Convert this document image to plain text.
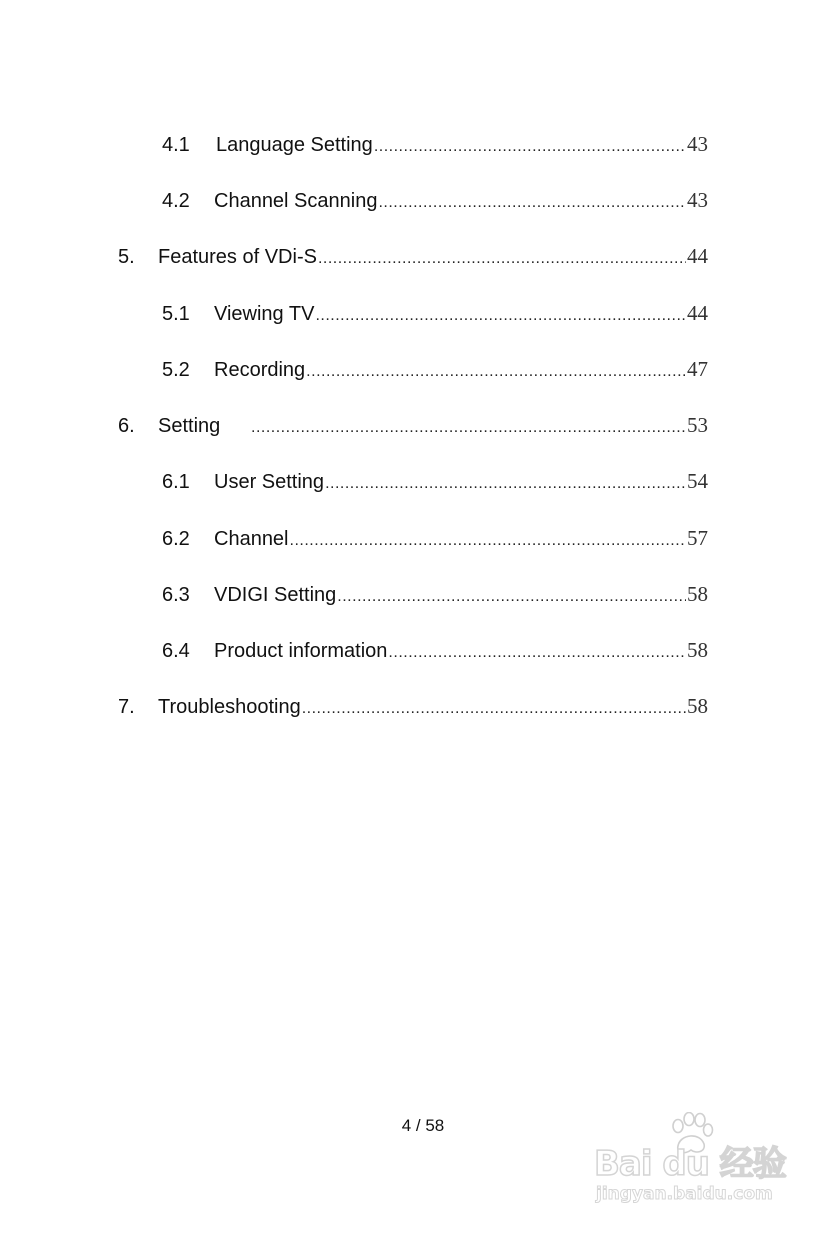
4.1	Language Setting .....	43
4.2	Channel Scanning .....	43
5.	Features of VDi-S .....	44
5.1	Viewing TV .....	44
5.2	Recording .....	47
6.	Setting .....	53
6.1	User Setting .....	54
6.2	Channel .....	57
6.3	VDIGI Setting .....	58
6.4	Product information .....	58
7.	Troubleshooting .....	58
4 / 58
Bai du 经验
jingyan.baidu.com
